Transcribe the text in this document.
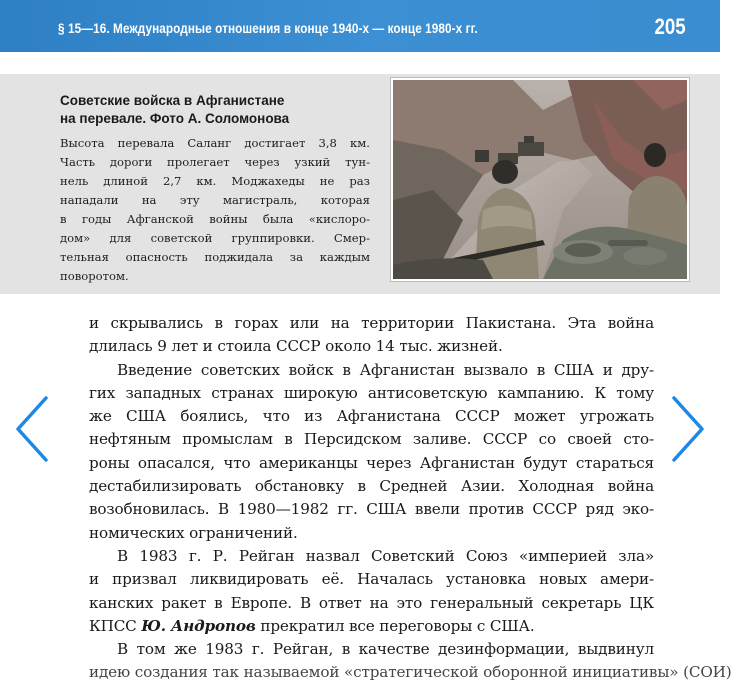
§ 15—16. Международные отношения в конце 1940-х — конце 1980-х гг.	205
Советские войска в Афганистане
на перевале. Фото А. Соломонова
Высота перевала Саланг достигает 3,8 км.
Часть дороги пролегает через узкий тун-
нель длиной 2,7 км. Моджахеды не раз
нападали на эту магистраль, которая
в годы Афганской войны была «кислоро-
дом» для советской группировки. Смер-
тельная опасность поджидала за каждым
поворотом.
и скрывались в горах или на территории Пакистана. Эта война
длилась 9 лет и стоила СССР около 14 тыс. жизней.
Введение советских войск в Афганистан вызвало в США и дру-
гих западных странах широкую антисоветскую кампанию. К тому
же США боялись, что из Афганистана СССР может угрожать
нефтяным промыслам в Персидском заливе. СССР со своей сто-
роны опасался, что американцы через Афганистан будут стараться
дестабилизировать обстановку в Средней Азии. Холодная война
возобновилась. В 1980—1982 гг. США ввели против СССР ряд эко-
номических ограничений.
В 1983 г. Р. Рейган назвал Советский Союз «империей зла»
и призвал ликвидировать её. Началась установка новых амери-
канских ракет в Европе. В ответ на это генеральный секретарь ЦК
КПСС Ю. Андропов прекратил все переговоры с США.
В том же 1983 г. Рейган, в качестве дезинформации, выдвинул
идею создания так называемой «стратегической оборонной инициативы» (СОИ)
